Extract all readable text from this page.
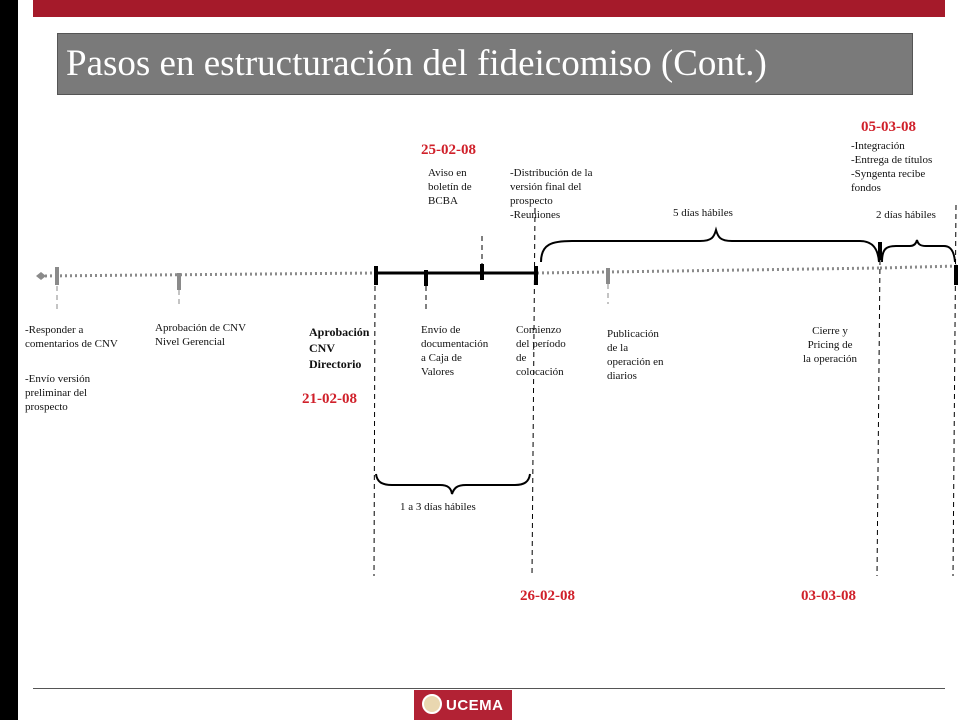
Pasos en estructuración del fideicomiso (Cont.)
-Responder a
comentarios de CNV
-Envío versión
preliminar del
prospecto
Aprobación de CNV
Nivel Gerencial
Aprobación
CNV
Directorio
Envío de
documentación
a Caja de
Valores
Comienzo
del período
de
colocación
Publicación
de la
operación en
diarios
Cierre y
Pricing de
la operación
Aviso en
boletín de
BCBA
-Distribución de la
versión final del
prospecto
-Reuniones
-Integración
-Entrega de títulos
-Syngenta recibe
fondos
5 días hábiles	2 días hábiles
1 a 3 días hábiles
25-02-08
05-03-08
21-02-08
26-02-08	03-03-08
UCEMA
